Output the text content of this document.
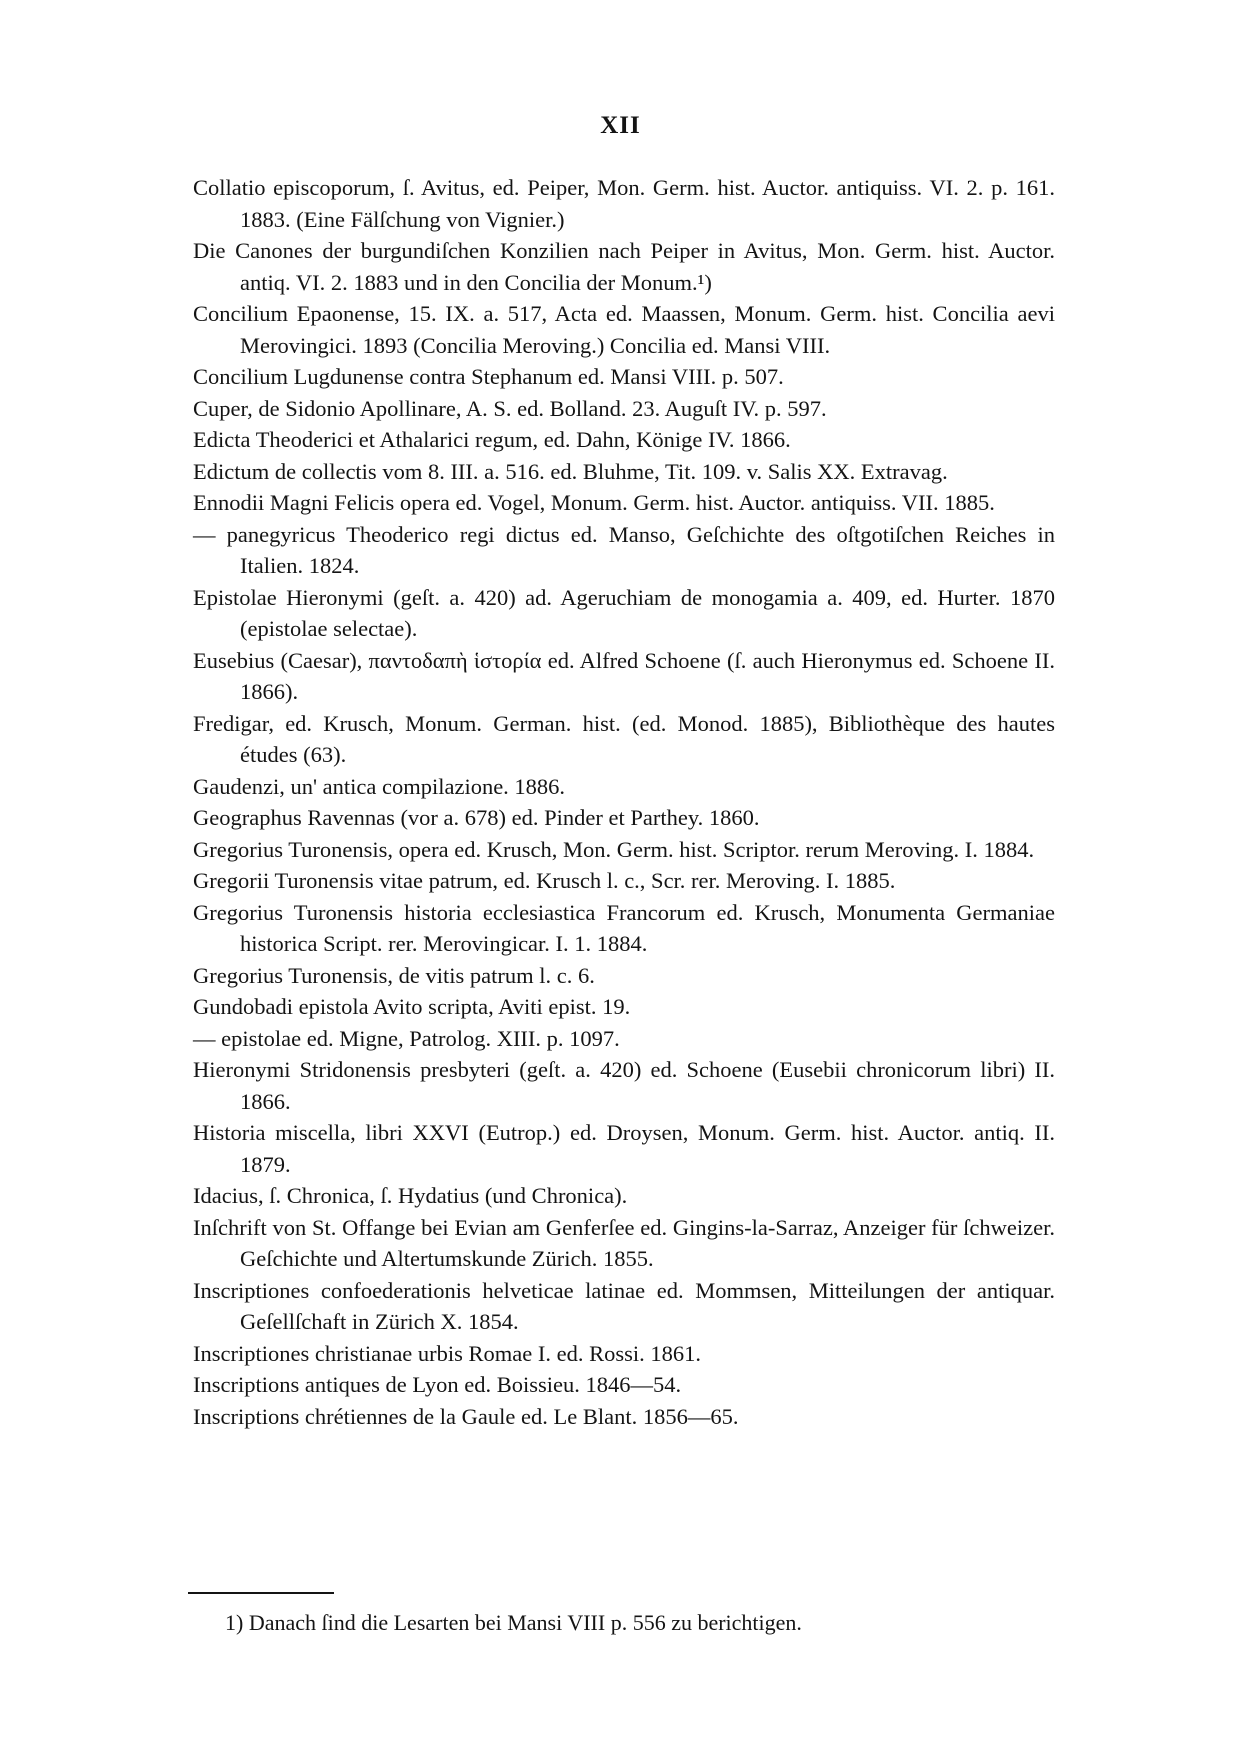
XII

Collatio episcoporum, ſ. Avitus, ed. Peiper, Mon. Germ. hist. Auctor. antiquiss. VI. 2. p. 161. 1883. (Eine Fälſchung von Vignier.)

Die Canones der burgundiſchen Konzilien nach Peiper in Avitus, Mon. Germ. hist. Auctor. antiq. VI. 2. 1883 und in den Concilia der Monum.¹)

Concilium Epaonense, 15. IX. a. 517, Acta ed. Maassen, Monum. Germ. hist. Concilia aevi Merovingici. 1893 (Concilia Meroving.) Concilia ed. Mansi VIII.

Concilium Lugdunense contra Stephanum ed. Mansi VIII. p. 507.

Cuper, de Sidonio Apollinare, A. S. ed. Bolland. 23. Auguſt IV. p. 597.

Edicta Theoderici et Athalarici regum, ed. Dahn, Könige IV. 1866.

Edictum de collectis vom 8. III. a. 516. ed. Bluhme, Tit. 109. v. Salis XX. Extravag.

Ennodii Magni Felicis opera ed. Vogel, Monum. Germ. hist. Auctor. antiquiss. VII. 1885.

— panegyricus Theoderico regi dictus ed. Manso, Geſchichte des oſtgotiſchen Reiches in Italien. 1824.

Epistolae Hieronymi (geſt. a. 420) ad. Ageruchiam de monogamia a. 409, ed. Hurter. 1870 (epistolae selectae).

Eusebius (Caesar), παντοδαπὴ ἱστορία ed. Alfred Schoene (ſ. auch Hieronymus ed. Schoene II. 1866).

Fredigar, ed. Krusch, Monum. German. hist. (ed. Monod. 1885), Bibliothèque des hautes études (63).

Gaudenzi, un' antica compilazione. 1886.

Geographus Ravennas (vor a. 678) ed. Pinder et Parthey. 1860.

Gregorius Turonensis, opera ed. Krusch, Mon. Germ. hist. Scriptor. rerum Meroving. I. 1884.

Gregorii Turonensis vitae patrum, ed. Krusch l. c., Scr. rer. Meroving. I. 1885.

Gregorius Turonensis historia ecclesiastica Francorum ed. Krusch, Monumenta Germaniae historica Script. rer. Merovingicar. I. 1. 1884.

Gregorius Turonensis, de vitis patrum l. c. 6.

Gundobadi epistola Avito scripta, Aviti epist. 19.

— epistolae ed. Migne, Patrolog. XIII. p. 1097.

Hieronymi Stridonensis presbyteri (geſt. a. 420) ed. Schoene (Eusebii chronicorum libri) II. 1866.

Historia miscella, libri XXVI (Eutrop.) ed. Droysen, Monum. Germ. hist. Auctor. antiq. II. 1879.

Idacius, ſ. Chronica, ſ. Hydatius (und Chronica).

Inſchrift von St. Offange bei Evian am Genferſee ed. Gingins-la-Sarraz, Anzeiger für ſchweizer. Geſchichte und Altertumskunde Zürich. 1855.

Inscriptiones confoederationis helveticae latinae ed. Mommsen, Mitteilungen der antiquar. Geſellſchaft in Zürich X. 1854.

Inscriptiones christianae urbis Romae I. ed. Rossi. 1861.

Inscriptions antiques de Lyon ed. Boissieu. 1846—54.

Inscriptions chrétiennes de la Gaule ed. Le Blant. 1856—65.

1) Danach ſind die Lesarten bei Mansi VIII p. 556 zu berichtigen.
